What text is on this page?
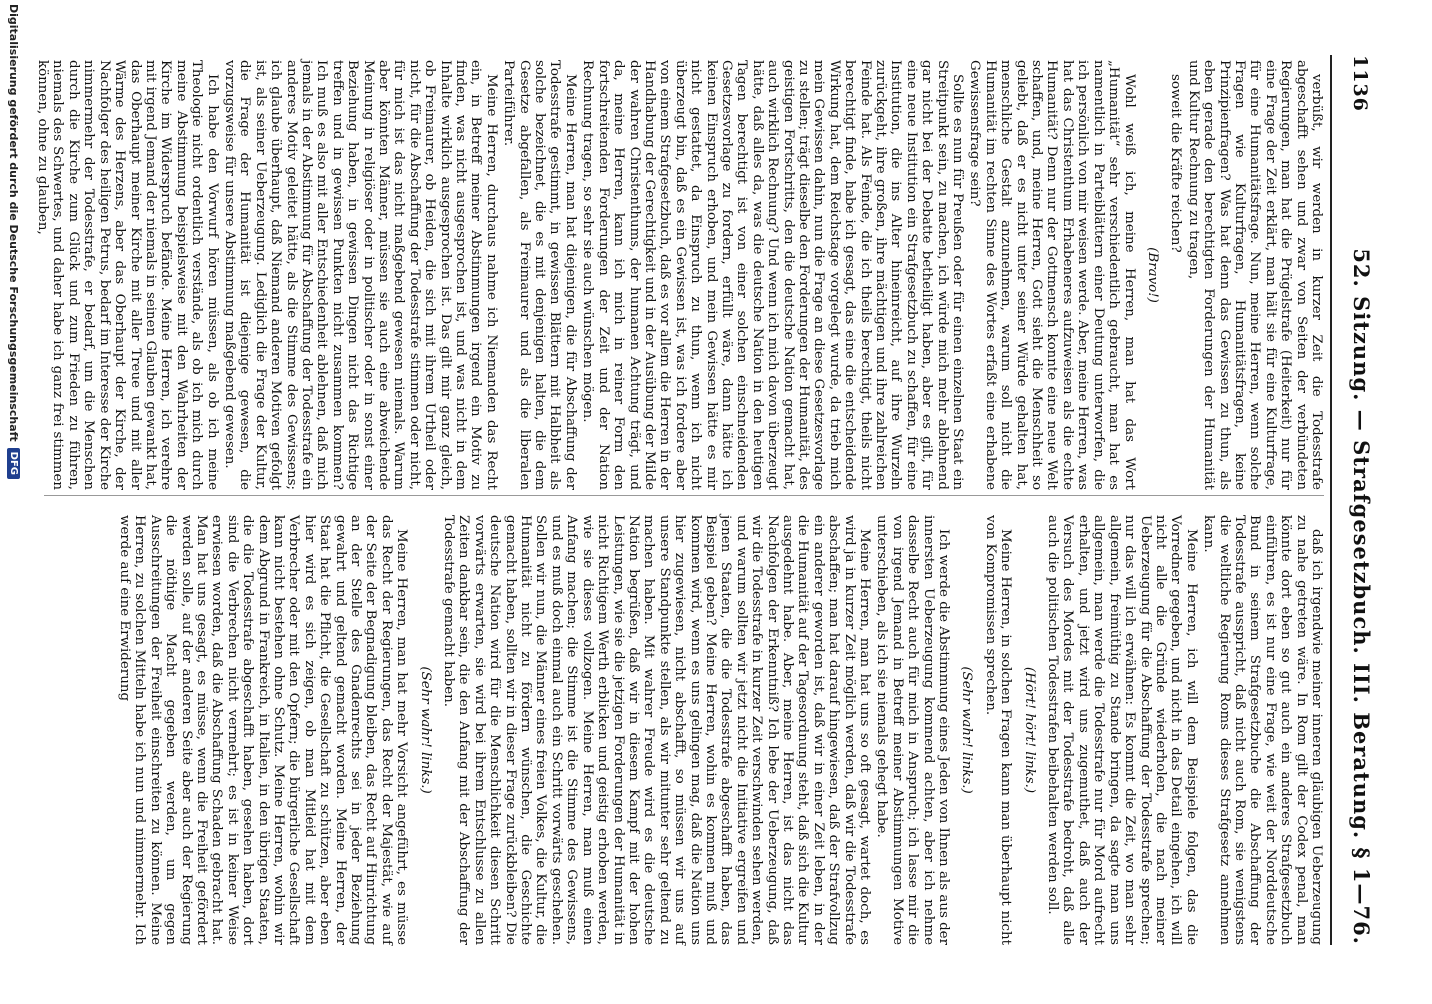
1136
52. Sitzung. — Strafgesetzbuch. III. Beratung. § 1—76.

verbüßt, wir werden in kurzer Zeit die Todesstrafe abgeschafft sehen und zwar von Seiten der verbündeten Regierungen, man hat die Prügelstrafe (Heiterkeit) nur für eine Frage der Zeit erklärt, man hält sie für eine Kulturfrage, für eine Humanitätsfrage. Nun, meine Herren, wenn solche Fragen wie Kulturfragen, Humanitätsfragen, keine Prinzipienfragen? Was hat denn das Gewissen zu thun, als eben gerade den berechtigten Forderungen der Humanität und Kultur Rechnung zu tragen,

soweit die Kräfte reichen?

(Bravo!)

Wohl weiß ich, meine Herren, man hat das Wort „Humanität“ sehr verschiedentlich gebraucht, man hat es namentlich in Parteiblättern einer Deutung unterworfen, die ich persönlich von mir weisen werde. Aber, meine Herren, was hat das Christenthum Erhabeneres aufzuweisen als die echte Humanität? Denn nur der Gottmensch konnte eine neue Welt schaffen, und, meine Herren, Gott sieht die Menschheit so geliebt, daß er es nicht unter seiner Würde gehalten hat, menschliche Gestalt anzunehmen, warum soll nicht die Humanität im rechten Sinne des Wortes erfaßt eine erhabene Gewissensfrage sein?

Sollte es nun für Preußen oder für einen einzelnen Staat ein Streitpunkt sein, zu machen, ich würde mich mehr ablehnend gar nicht bei der Debatte betheiligt haben, aber es gilt, für eine neue Institution ein Strafgesetzbuch zu schaffen, für eine Institution, die ins Alter hineinreicht, auf ihre Wurzeln zurückgeht, ihre großen, ihre mächtigen und ihre zahlreichen Feinde hat. Als Feinde, die ich theils berechtigt, theils nicht berechtigt finde, habe ich gesagt, das eine die entscheidende Wirkung hat, dem Reichstage vorgelegt wurde, da trieb mich mein Gewissen dahin, nun die Frage an diese Gesetzesvorlage zu stellen; trägt dieselbe den Forderungen der Humanität, des geistigen Fortschritts, den die deutsche Nation gemacht hat, auch wirklich Rechnung? Und wenn ich mich davon überzeugt hätte, daß alles da, was die deutsche Nation in den heutigen Tagen berechtigt ist von einer solchen einschneidenden Gesetzesvorlage zu fordern, erfüllt wäre, dann hätte ich keinen Einspruch erhoben, und mein Gewissen hätte es mir nicht gestattet, da Einspruch zu thun, wenn ich nicht überzeugt bin, daß es ein Gewissen ist, was ich fordere aber von einem Strafgesetzbuch, daß es vor allem die Herren in der Handhabung der Gerechtigkeit und in der Ausübung der Milde der wahren Christenthums, der humanen Achtung trägt, und da, meine Herren, kann ich mich in reiner Form den fortschreitenden Forderungen der Zeit und der Nation Rechnung tragen, so sehr sie auch wünschen mögen.

Meine Herren, man hat diejenigen, die für Abschaffung der Todesstrafe gestimmt, in gewissen Blättern mit Halbheit als solche bezeichnet, die es mit denjenigen halten, die dem Gesetze abgefallen, als Freimaurer und als die liberalen Parteiführer.

Meine Herren, durchaus nahme ich Niemanden das Recht ein, in Betreff meiner Abstimmungen irgend ein Motiv zu finden, was nicht ausgesprochen ist, und was nicht in dem Inhalte wirklich ausgesprochen ist. Das gilt mir ganz gleich, ob Freimaurer, ob Heiden, die sich mit ihrem Urtheil oder nicht, für die Abschaffung der Todesstrafe stimmen oder nicht, für mich ist das nicht maßgebend gewesen niemals. Warum aber könnten Männer, müssen sie auch eine abweichende Meinung in religiöser oder in politischer oder in sonst einer Beziehung haben, in gewissen Dingen nicht das Richtige treffen und in gewissen Punkten nicht zusammen kommen? Ich muß es also mit aller Entschiedenheit ablehnen, daß mich jemals in der Abstimmung für Abschaffung der Todesstrafe ein anderes Motiv geleitet hätte, als die Stimme des Gewissens; ich glaube überhaupt, daß Niemand anderen Motiven gefolgt ist, als seiner Ueberzeugung. Lediglich die Frage der Kultur, die Frage der Humanität ist diejenige gewesen, die vorzugsweise für unsere Abstimmung maßgebend gewesen.

Ich habe den Vorwurf hören müssen, als ob ich meine Theologie nicht ordentlich verstände, als ob ich mich durch meine Abstimmung beispielsweise mit den Wahrheiten der Kirche im Widerspruch befände. Meine Herren, ich verehre mit irgend Jemand der niemals in seinen Glauben gewankt hat, das Oberhaupt meiner Kirche mit aller Treue und mit aller Wärme des Herzens, aber das Oberhaupt der Kirche, der Nachfolger des heiligen Petrus, bedarf im Interesse der Kirche nimmermehr der Todesstrafe, er bedarf, um die Menschen durch die Kirche zum Glück und zum Frieden zu führen, niemals des Schwertes, und daher habe ich ganz frei stimmen können, ohne zu glauben,

daß ich irgendwie meiner inneren gläubigen Ueberzeugung zu nahe getreten wäre. In Rom gilt der Codex penal, man könnte dort eben so gut auch ein anderes Strafgesetzbuch einführen, es ist nur eine Frage, wie weit der Norddeutsche Bund in seinem Strafgesetzbuche die Abschaffung der Todesstrafe ausspricht, daß nicht auch Rom, sie wenigstens die weltliche Regierung Roms dieses Strafgesetz annehmen kann.

Meine Herren, ich will dem Beispiele folgen, das die Vorredner gegeben, und nicht in das Detail eingehen, ich will nicht alle die Gründe wiederholen, die nach meiner Ueberzeugung für die Abschaffung der Todesstrafe sprechen; nur das will ich erwähnen: Es kommt die Zeit, wo man sehr allgemein, freimüthig zu Stande bringen, da sagte man uns allgemein, man werde die Todesstrafe nur für Mord aufrecht erhalten, und jetzt wird uns zugemuthet, daß auch der Versuch des Mordes mit der Todesstrafe bedroht, daß alle auch die politischen Todesstrafen beibehalten werden soll.

(Hört! hört! links.)

Meine Herren, in solchen Fragen kann man überhaupt nicht von Kompromissen sprechen.

(Sehr wahr! links.)

Ich werde die Abstimmung eines Jeden von Ihnen als aus der innersten Ueberzeugung kommend achten, aber ich nehme dasselbe Recht auch für mich in Anspruch; ich lasse mir die von irgend Jemand in Betreff meiner Abstimmungen Motive unterschieben, als ich sie niemals gehegt habe.

Meine Herren, man hat uns so oft gesagt, wartet doch, es wird ja in kurzer Zeit möglich werden, daß wir die Todesstrafe abschaffen; man hat darauf hingewiesen, daß der Strafvollzug ein anderer geworden ist, daß wir in einer Zeit leben, in der die Humanität auf der Tagesordnung steht, daß sich die Kultur ausgedehnt habe. Aber, meine Herren, ist das nicht das Nachfolgen der Erkenntniß? Ich lebe der Ueberzeugung, daß wir die Todesstrafe in kurzer Zeit verschwinden sehen werden, und warum sollten wir jetzt nicht die Initiative ergreifen und jenen Staaten, die die Todesstrafe abgeschafft haben, das Beispiel geben? Meine Herren, wohin es kommen muß und kommen wird, wenn es uns gelingen mag, daß die Nation uns hier zugewiesen, nicht abschafft, so müssen wir uns auf unsere Standpunkte stellen, als wir mitunter sehr geltend zu machen haben. Mit wahrer Freude wird es die deutsche Nation begrüßen, daß wir in diesem Kampf mit der hohen Leistungen, wie sie die jetzigen Forderungen der Humanität in nicht Richtigem Werth erblicken und geistig erhoben werden, wie sie dieses vollzogen. Meine Herren, man muß einen Anfang machen; die Stimme ist die Stimme des Gewissens, und es muß doch einmal auch ein Schritt vorwärts geschehen. Sollen wir nun, die Männer eines freien Volkes, die Kultur, die Humanität nicht zu fördern wünschen, die Geschichte gemacht haben, sollten wir in dieser Frage zurückbleiben? Die deutsche Nation wird für die Menschlichkeit diesen Schritt vorwärts erwarten, sie wird bei ihrem Entschlusse zu allen Zeiten dankbar sein, die den Anfang mit der Abschaffung der Todesstrafe gemacht haben.

(Sehr wahr! links.)

Meine Herren, man hat mehr Vorsicht angeführt, es müsse das Recht der Regierungen, das Recht der Majestät, wie auf der Seite der Begnadigung bleiben, das Recht auf Hinrichtung an der Stelle des Gnadenrechts sei in jeder Beziehung gewahrt und geltend gemacht worden. Meine Herren, der Staat hat die Pflicht, die Gesellschaft zu schützen, aber eben hier wird es sich zeigen, ob man Mitleid hat mit dem Verbrecher oder mit den Opfern; die bürgerliche Gesellschaft kann nicht bestehen ohne Schutz. Meine Herren, wohin wir dem Abgrund in Frankreich, in Italien, in den übrigen Staaten, die die Todesstrafe abgeschafft haben, gesehen haben, dort sind die Verbrechen nicht vermehrt; es ist in keiner Weise erwiesen worden, daß die Abschaffung Schaden gebracht hat. Man hat uns gesagt, es müsse, wenn die Freiheit gefördert werden solle, auf der anderen Seite aber auch der Regierung die nöthige Macht gegeben werden, um gegen Ausschreitungen der Freiheit einschreiten zu können. Meine Herren, zu solchen Mitteln habe ich nun und nimmermehr. Ich werde auf eine Erwiderung

Digitalisierung gefördert durch die Deutsche Forschungsgemeinschaft
DFG
